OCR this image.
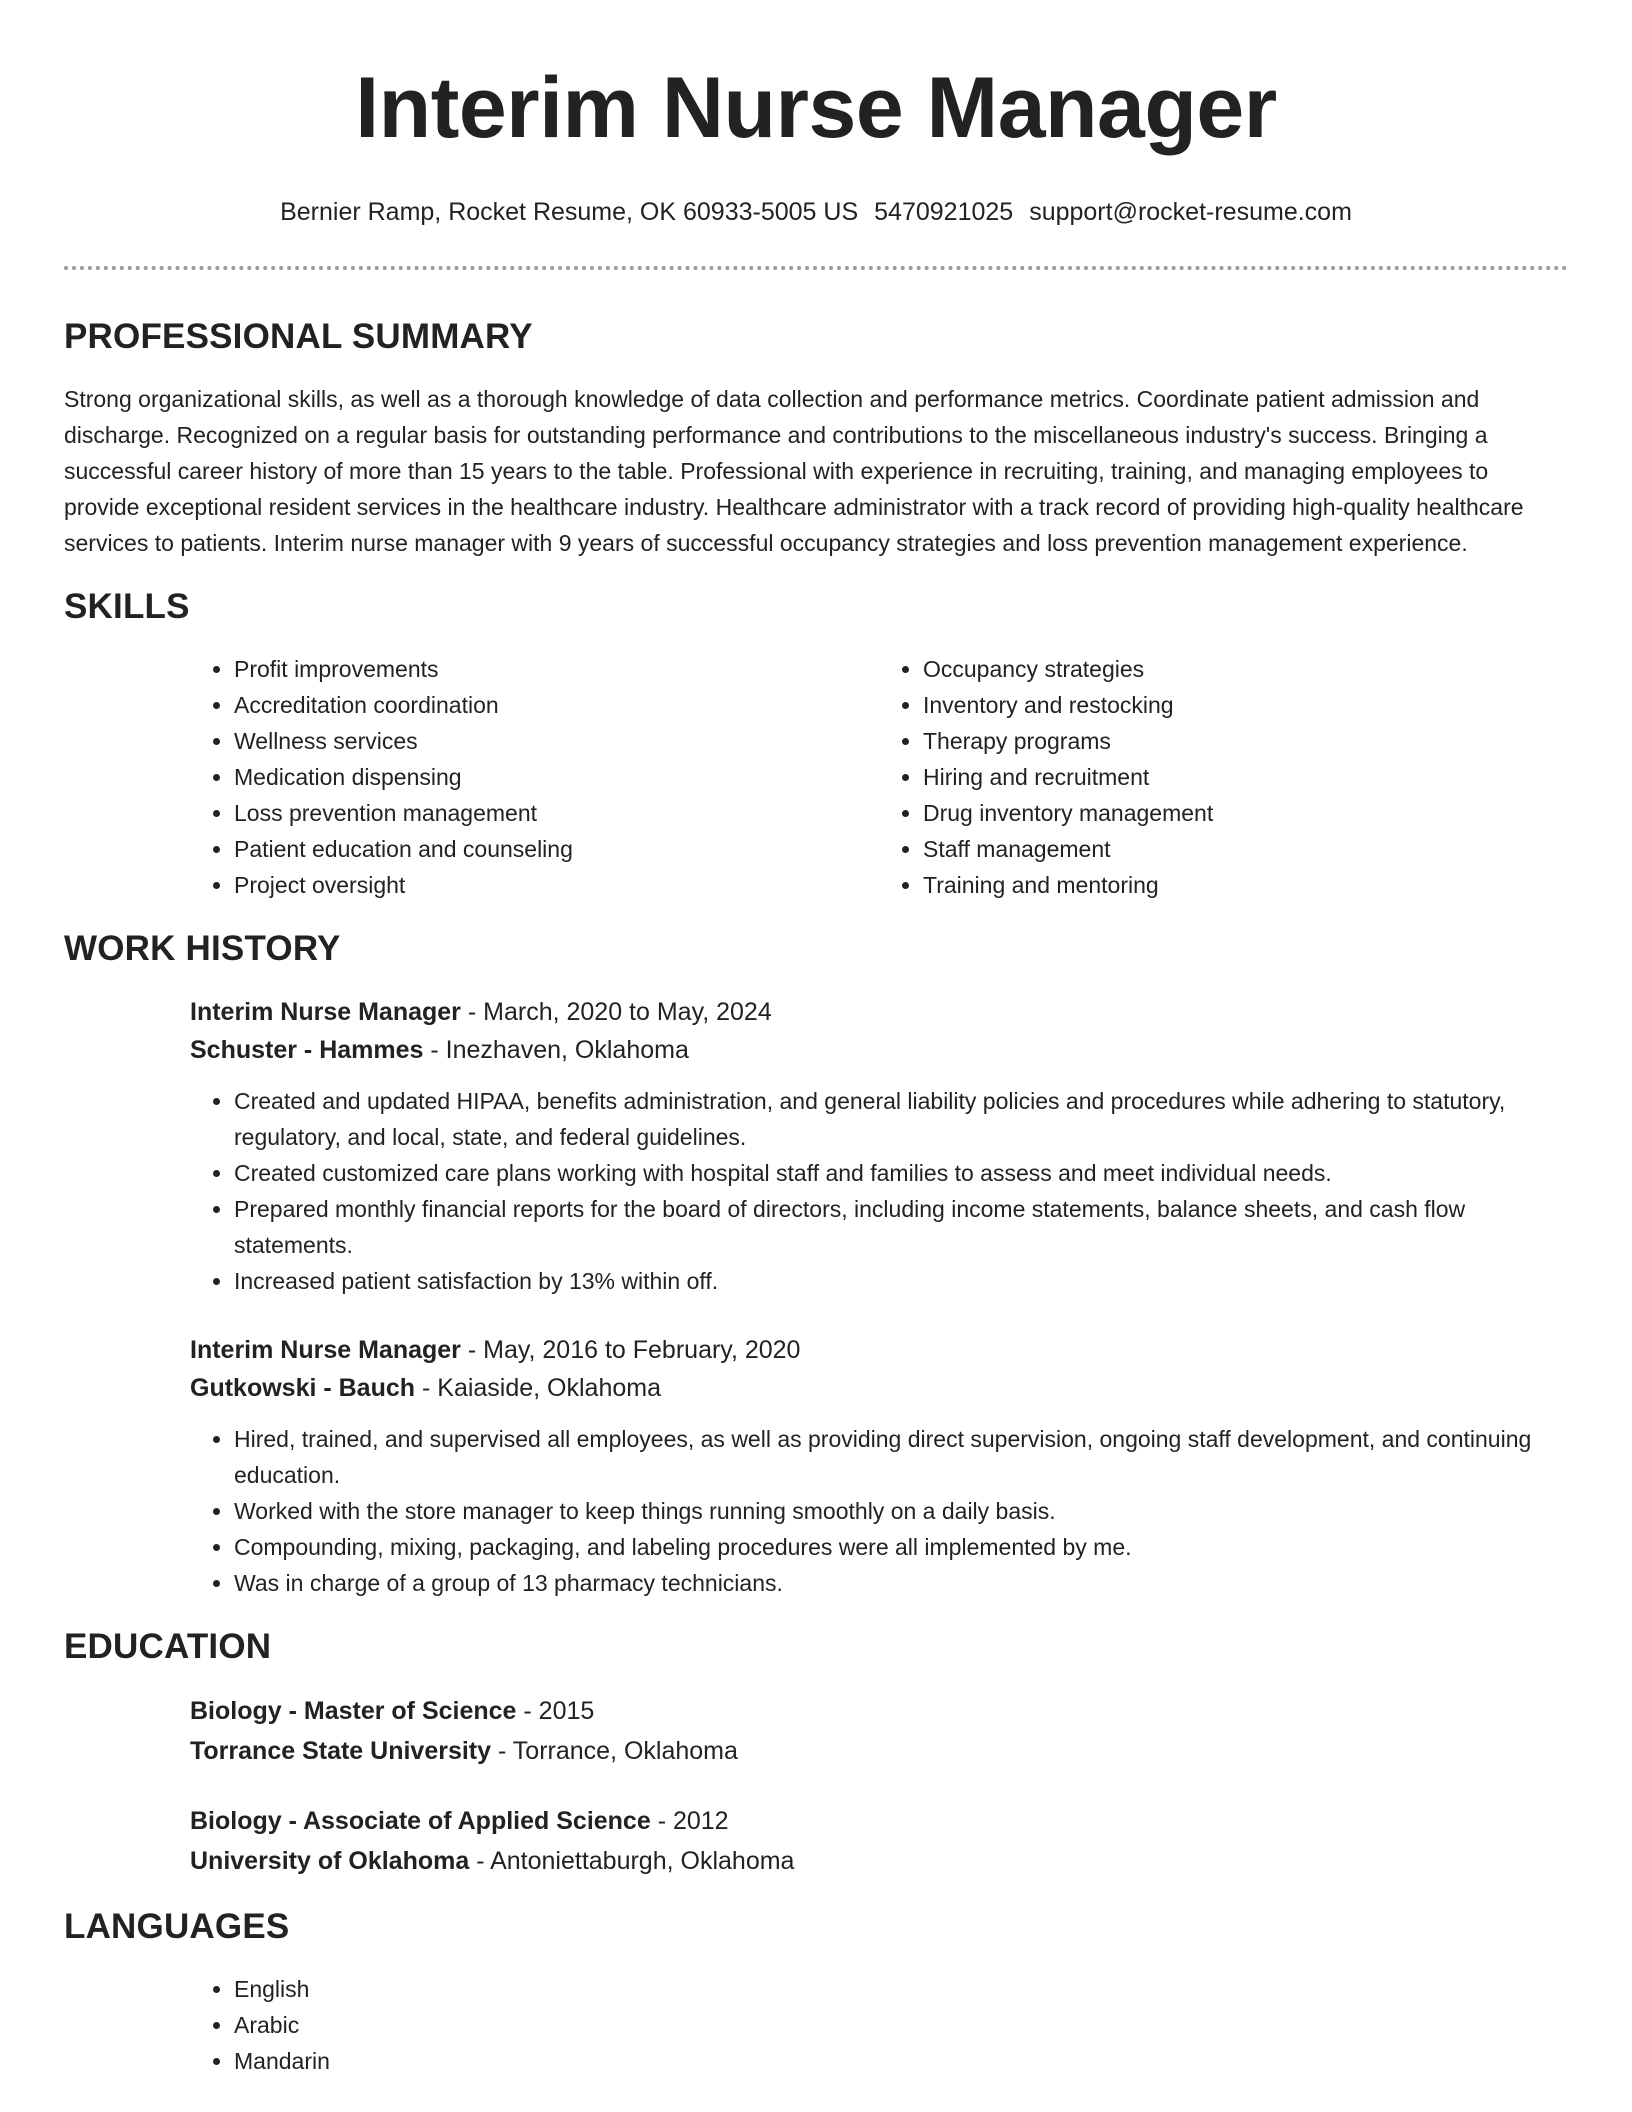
Interim Nurse Manager
Bernier Ramp, Rocket Resume, OK 60933-5005 US 5470921025 support@rocket-resume.com
PROFESSIONAL SUMMARY

Strong organizational skills, as well as a thorough knowledge of data collection and performance metrics. Coordinate patient admission and discharge. Recognized on a regular basis for outstanding performance and contributions to the miscellaneous industry's success. Bringing a successful career history of more than 15 years to the table. Professional with experience in recruiting, training, and managing employees to provide exceptional resident services in the healthcare industry. Healthcare administrator with a track record of providing high-quality healthcare services to patients. Interim nurse manager with 9 years of successful occupancy strategies and loss prevention management experience.

SKILLS
• Profit improvements
• Accreditation coordination
• Wellness services
• Medication dispensing
• Loss prevention management
• Patient education and counseling
• Project oversight
• Occupancy strategies
• Inventory and restocking
• Therapy programs
• Hiring and recruitment
• Drug inventory management
• Staff management
• Training and mentoring
WORK HISTORY
Interim Nurse Manager - March, 2020 to May, 2024
Schuster - Hammes - Inezhaven, Oklahoma
• Created and updated HIPAA, benefits administration, and general liability policies and procedures while adhering to statutory, regulatory, and local, state, and federal guidelines.
• Created customized care plans working with hospital staff and families to assess and meet individual needs.
• Prepared monthly financial reports for the board of directors, including income statements, balance sheets, and cash flow statements.
• Increased patient satisfaction by 13% within off.
Interim Nurse Manager - May, 2016 to February, 2020
Gutkowski - Bauch - Kaiaside, Oklahoma
• Hired, trained, and supervised all employees, as well as providing direct supervision, ongoing staff development, and continuing education.
• Worked with the store manager to keep things running smoothly on a daily basis.
• Compounding, mixing, packaging, and labeling procedures were all implemented by me.
• Was in charge of a group of 13 pharmacy technicians.
EDUCATION
Biology - Master of Science - 2015
Torrance State University - Torrance, Oklahoma
Biology - Associate of Applied Science - 2012
University of Oklahoma - Antoniettaburgh, Oklahoma
LANGUAGES
• English
• Arabic
• Mandarin
